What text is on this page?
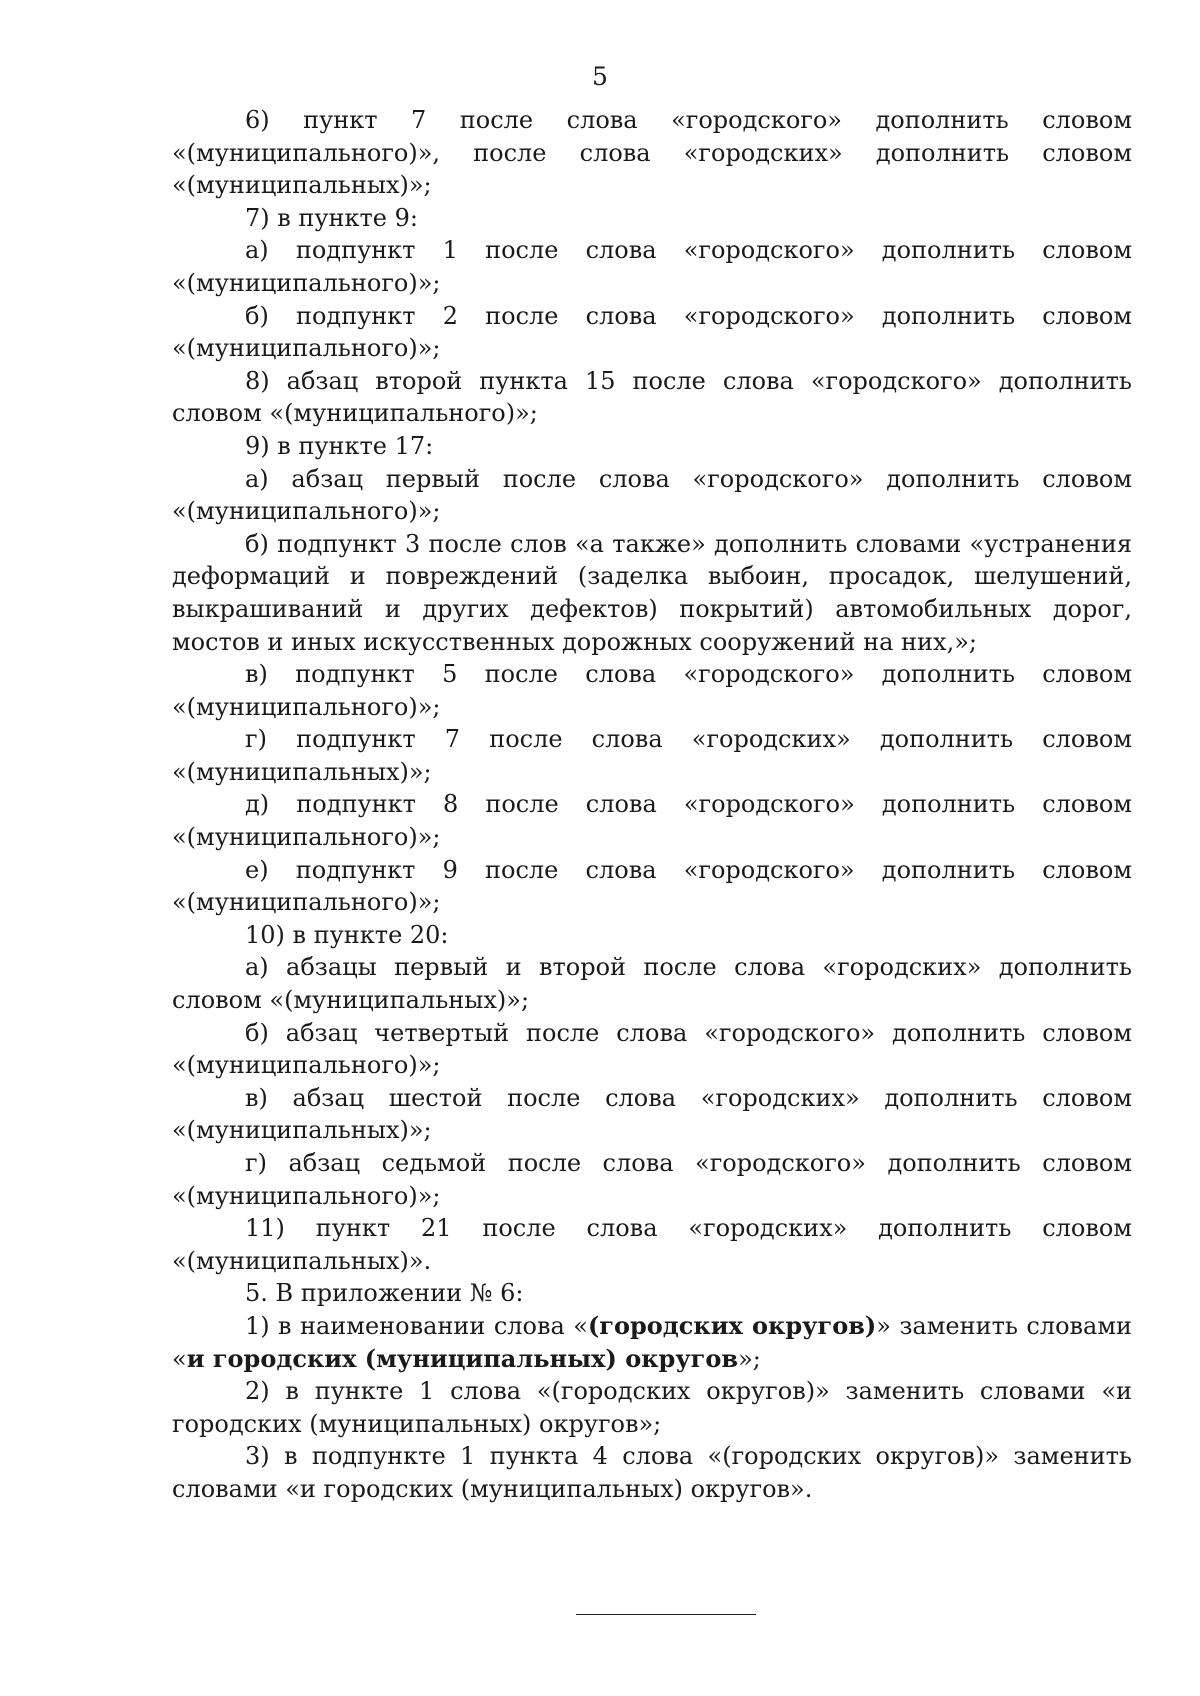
5

6) пункт 7 после слова «городского» дополнить словом «(муниципального)», после слова «городских» дополнить словом «(муниципальных)»;

7) в пункте 9:

а) подпункт 1 после слова «городского» дополнить словом «(муниципального)»;

б) подпункт 2 после слова «городского» дополнить словом «(муниципального)»;

8) абзац второй пункта 15 после слова «городского» дополнить словом «(муниципального)»;

9) в пункте 17:

а) абзац первый после слова «городского» дополнить словом «(муниципального)»;

б) подпункт 3 после слов «а также» дополнить словами «устранения деформаций и повреждений (заделка выбоин, просадок, шелушений, выкрашиваний и других дефектов) покрытий) автомобильных дорог, мостов и иных искусственных дорожных сооружений на них,»;

в) подпункт 5 после слова «городского» дополнить словом «(муниципального)»;

г) подпункт 7 после слова «городских» дополнить словом «(муниципальных)»;

д) подпункт 8 после слова «городского» дополнить словом «(муниципального)»;

е) подпункт 9 после слова «городского» дополнить словом «(муниципального)»;

10) в пункте 20:

а) абзацы первый и второй после слова «городских» дополнить словом «(муниципальных)»;

б) абзац четвертый после слова «городского» дополнить словом «(муниципального)»;

в) абзац шестой после слова «городских» дополнить словом «(муниципальных)»;

г) абзац седьмой после слова «городского» дополнить словом «(муниципального)»;

11) пункт 21 после слова «городских» дополнить словом «(муниципальных)».

5. В приложении № 6:

1) в наименовании слова «(городских округов)» заменить словами «и городских (муниципальных) округов»;

2) в пункте 1 слова «(городских округов)» заменить словами «и городских (муниципальных) округов»;

3) в подпункте 1 пункта 4 слова «(городских округов)» заменить словами «и городских (муниципальных) округов».
